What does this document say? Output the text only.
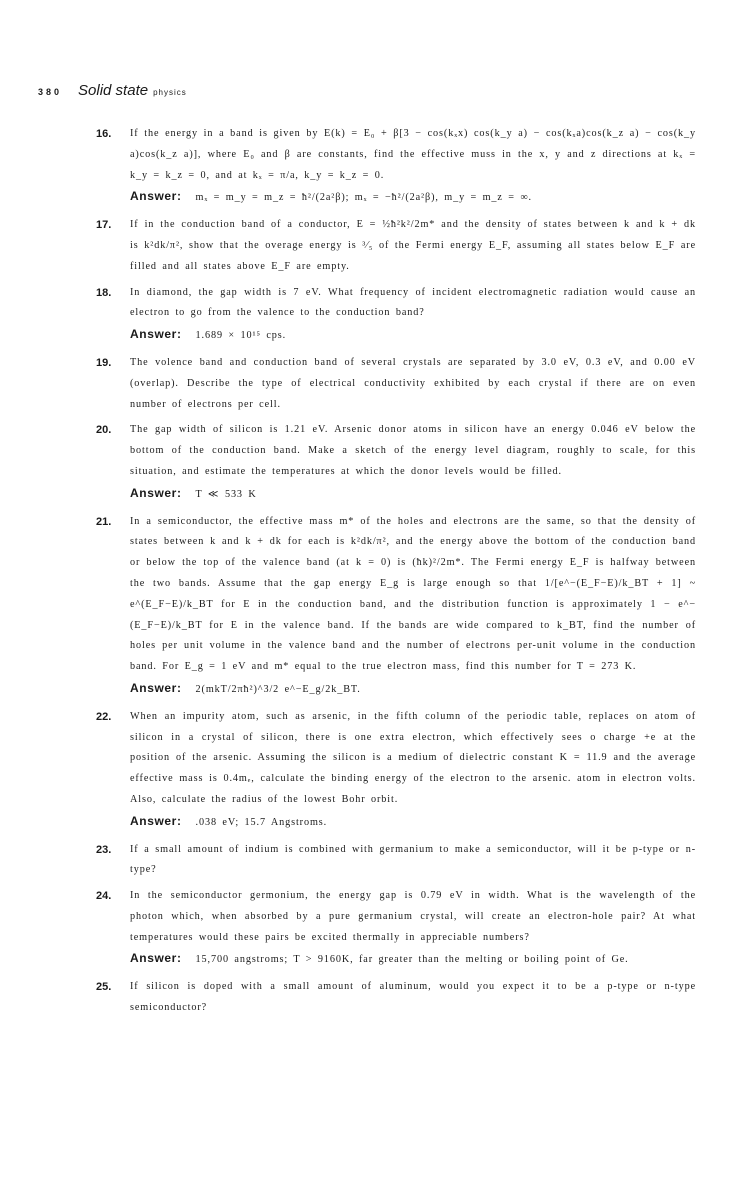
380 Solid state physics
16. If the energy in a band is given by E(k) = E₀ + β[3 − cos(kₓx) cos(k_y a) − cos(kₓa)cos(k_z a) − cos(k_y a)cos(k_z a)], where E₀ and β are constants, find the effective muss in the x, y and z directions at kₓ = k_y = k_z = 0, and at kₓ = π/a, k_y = k_z = 0.
Answer: mₓ = m_y = m_z = ħ²/(2a²β); mₓ = −ħ²/(2a²β), m_y = m_z = ∞.
17. If in the conduction band of a conductor, E = ½ħ²k²/2m* and the density of states between k and k + dk is k²dk/π², show that the overage energy is ³⁄₅ of the Fermi energy E_F, assuming all states below E_F are filled and all states above E_F are empty.
18. In diamond, the gap width is 7 eV. What frequency of incident electromagnetic radiation would cause an electron to go from the valence to the conduction band?
Answer: 1.689 × 10¹⁵ cps.
19. The volence band and conduction band of several crystals are separated by 3.0 eV, 0.3 eV, and 0.00 eV (overlap). Describe the type of electrical conductivity exhibited by each crystal if there are on even number of electrons per cell.
20. The gap width of silicon is 1.21 eV. Arsenic donor atoms in silicon have an energy 0.046 eV below the bottom of the conduction band. Make a sketch of the energy level diagram, roughly to scale, for this situation, and estimate the temperatures at which the donor levels would be filled.
Answer: T ≪ 533 K
21. In a semiconductor, the effective mass m* of the holes and electrons are the same, so that the density of states between k and k + dk for each is k²dk/π², and the energy above the bottom of the conduction band or below the top of the valence band (at k = 0) is (ħk)²/2m*. The Fermi energy E_F is halfway between the two bands. Assume that the gap energy E_g is large enough so that 1/[e^−(E_F−E)/k_BT + 1] ~ e^(E_F−E)/k_BT for E in the conduction band, and the distribution function is approximately 1 − e^−(E_F−E)/k_BT for E in the valence band. If the bands are wide compared to k_BT, find the number of holes per unit volume in the valence band and the number of electrons per-unit volume in the conduction band. For E_g = 1 eV and m* equal to the true electron mass, find this number for T = 273 K.
Answer: 2(mkT/2πħ²)^3/2 e^−E_g/2k_BT.
22. When an impurity atom, such as arsenic, in the fifth column of the periodic table, replaces on atom of silicon in a crystal of silicon, there is one extra electron, which effectively sees o charge +e at the position of the arsenic. Assuming the silicon is a medium of dielectric constant K = 11.9 and the average effective mass is 0.4mₑ, calculate the binding energy of the electron to the arsenic. atom in electron volts. Also, calculate the radius of the lowest Bohr orbit.
Answer: .038 eV; 15.7 Angstroms.
23. If a small amount of indium is combined with germanium to make a semiconductor, will it be p-type or n-type?
24. In the semiconductor germonium, the energy gap is 0.79 eV in width. What is the wavelength of the photon which, when absorbed by a pure germanium crystal, will create an electron-hole pair? At what temperatures would these pairs be excited thermally in appreciable numbers?
Answer: 15,700 angstroms; T > 9160K, far greater than the melting or boiling point of Ge.
25. If silicon is doped with a small amount of aluminum, would you expect it to be a p-type or n-type semiconductor?
